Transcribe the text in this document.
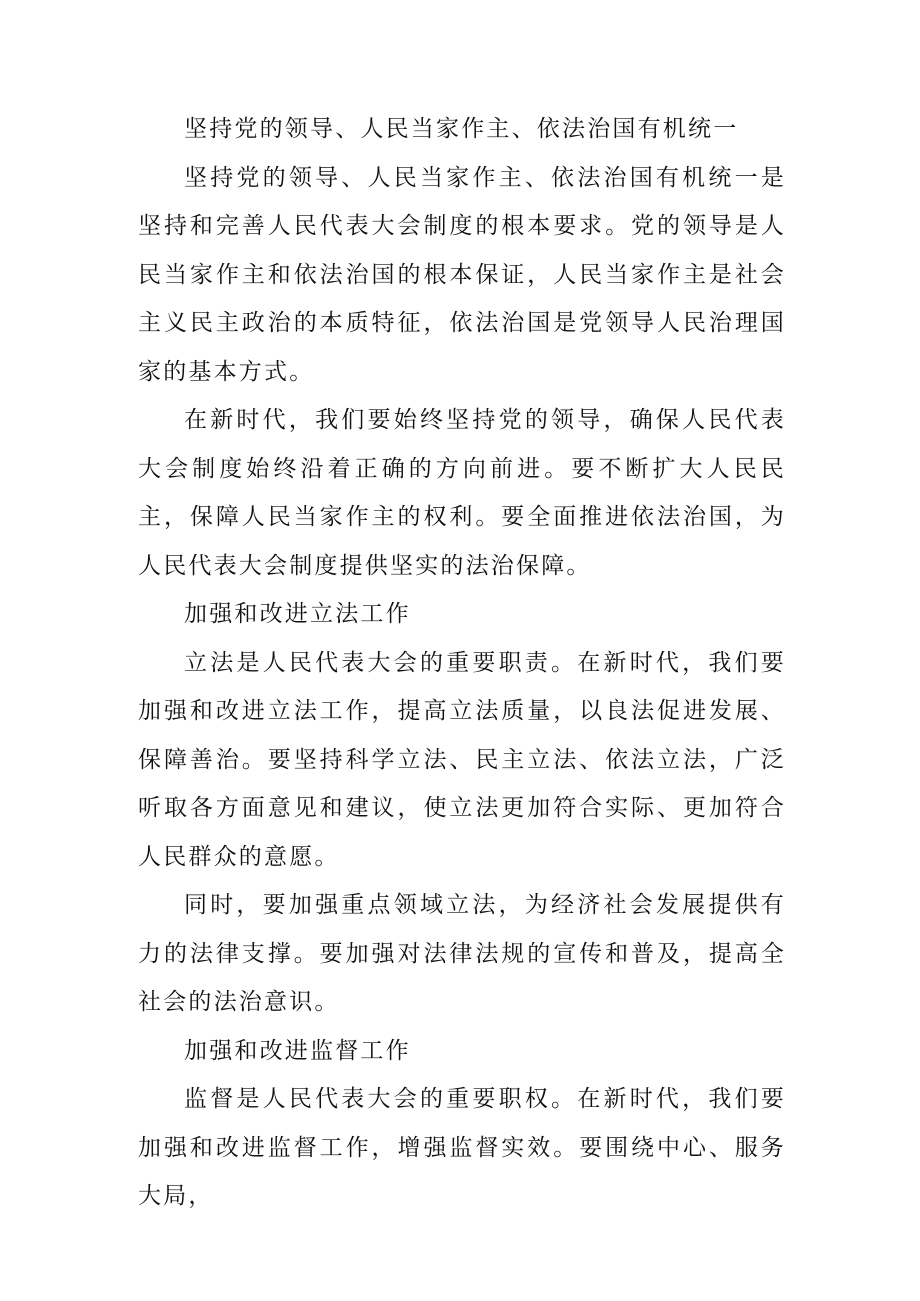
坚持党的领导、人民当家作主、依法治国有机统一

坚持党的领导、人民当家作主、依法治国有机统一是坚持和完善人民代表大会制度的根本要求。党的领导是人民当家作主和依法治国的根本保证，人民当家作主是社会主义民主政治的本质特征，依法治国是党领导人民治理国家的基本方式。

在新时代，我们要始终坚持党的领导，确保人民代表大会制度始终沿着正确的方向前进。要不断扩大人民民主，保障人民当家作主的权利。要全面推进依法治国，为人民代表大会制度提供坚实的法治保障。

加强和改进立法工作

立法是人民代表大会的重要职责。在新时代，我们要加强和改进立法工作，提高立法质量，以良法促进发展、保障善治。要坚持科学立法、民主立法、依法立法，广泛听取各方面意见和建议，使立法更加符合实际、更加符合人民群众的意愿。

同时，要加强重点领域立法，为经济社会发展提供有力的法律支撑。要加强对法律法规的宣传和普及，提高全社会的法治意识。

加强和改进监督工作

监督是人民代表大会的重要职权。在新时代，我们要加强和改进监督工作，增强监督实效。要围绕中心、服务大局，
